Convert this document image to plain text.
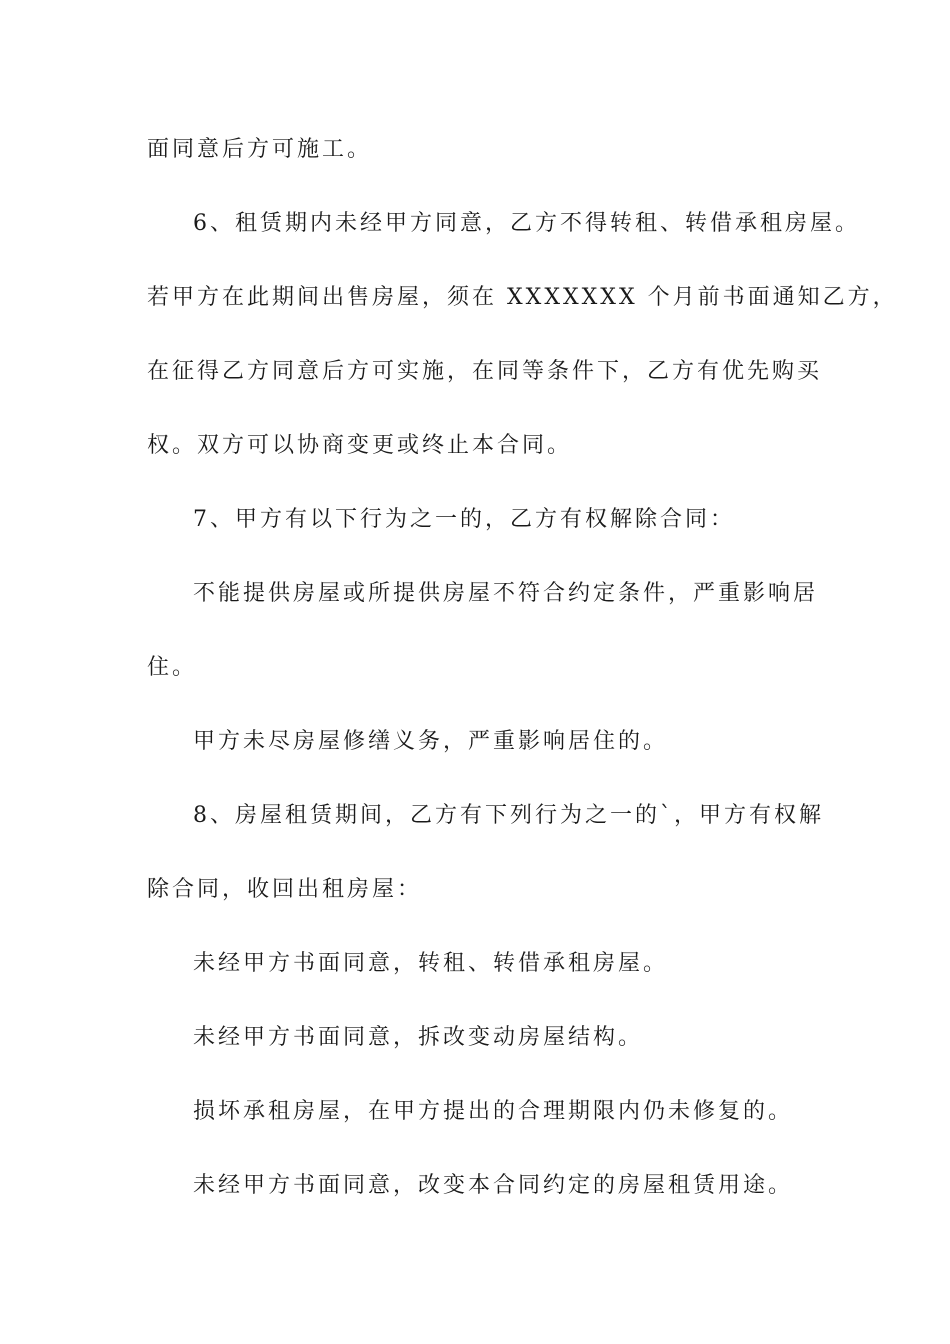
面同意后方可施工。
6、租赁期内未经甲方同意，乙方不得转租、转借承租房屋。
若甲方在此期间出售房屋，须在 XXXXXXX 个月前书面通知乙方，
在征得乙方同意后方可实施，在同等条件下，乙方有优先购买
权。双方可以协商变更或终止本合同。
7、甲方有以下行为之一的，乙方有权解除合同：
不能提供房屋或所提供房屋不符合约定条件，严重影响居
住。
甲方未尽房屋修缮义务，严重影响居住的。
8、房屋租赁期间，乙方有下列行为之一的`，甲方有权解
除合同，收回出租房屋：
未经甲方书面同意，转租、转借承租房屋。
未经甲方书面同意，拆改变动房屋结构。
损坏承租房屋，在甲方提出的合理期限内仍未修复的。
未经甲方书面同意，改变本合同约定的房屋租赁用途。
